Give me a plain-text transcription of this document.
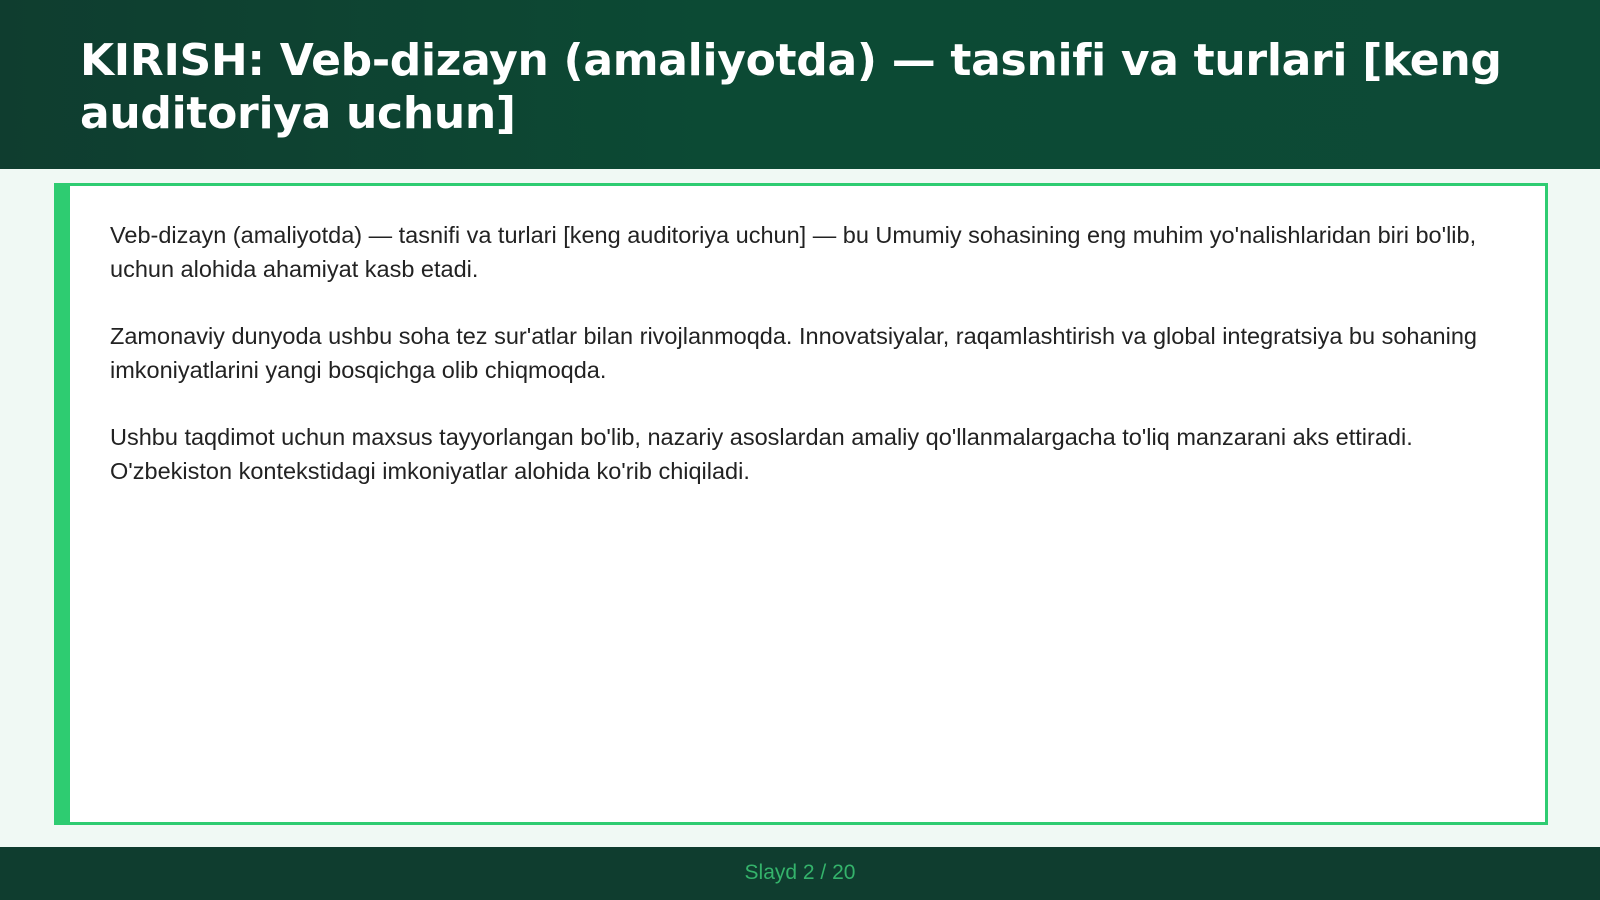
KIRISH: Veb-dizayn (amaliyotda) — tasnifi va turlari [keng auditoriya uchun]

Veb-dizayn (amaliyotda) — tasnifi va turlari [keng auditoriya uchun] — bu Umumiy sohasining eng muhim yo'nalishlaridan biri bo'lib, uchun alohida ahamiyat kasb etadi.

Zamonaviy dunyoda ushbu soha tez sur'atlar bilan rivojlanmoqda. Innovatsiyalar, raqamlashtirish va global integratsiya bu sohaning imkoniyatlarini yangi bosqichga olib chiqmoqda.

Ushbu taqdimot uchun maxsus tayyorlangan bo'lib, nazariy asoslardan amaliy qo'llanmalargacha to'liq manzarani aks ettiradi. O'zbekiston kontekstidagi imkoniyatlar alohida ko'rib chiqiladi.

Slayd 2 / 20
